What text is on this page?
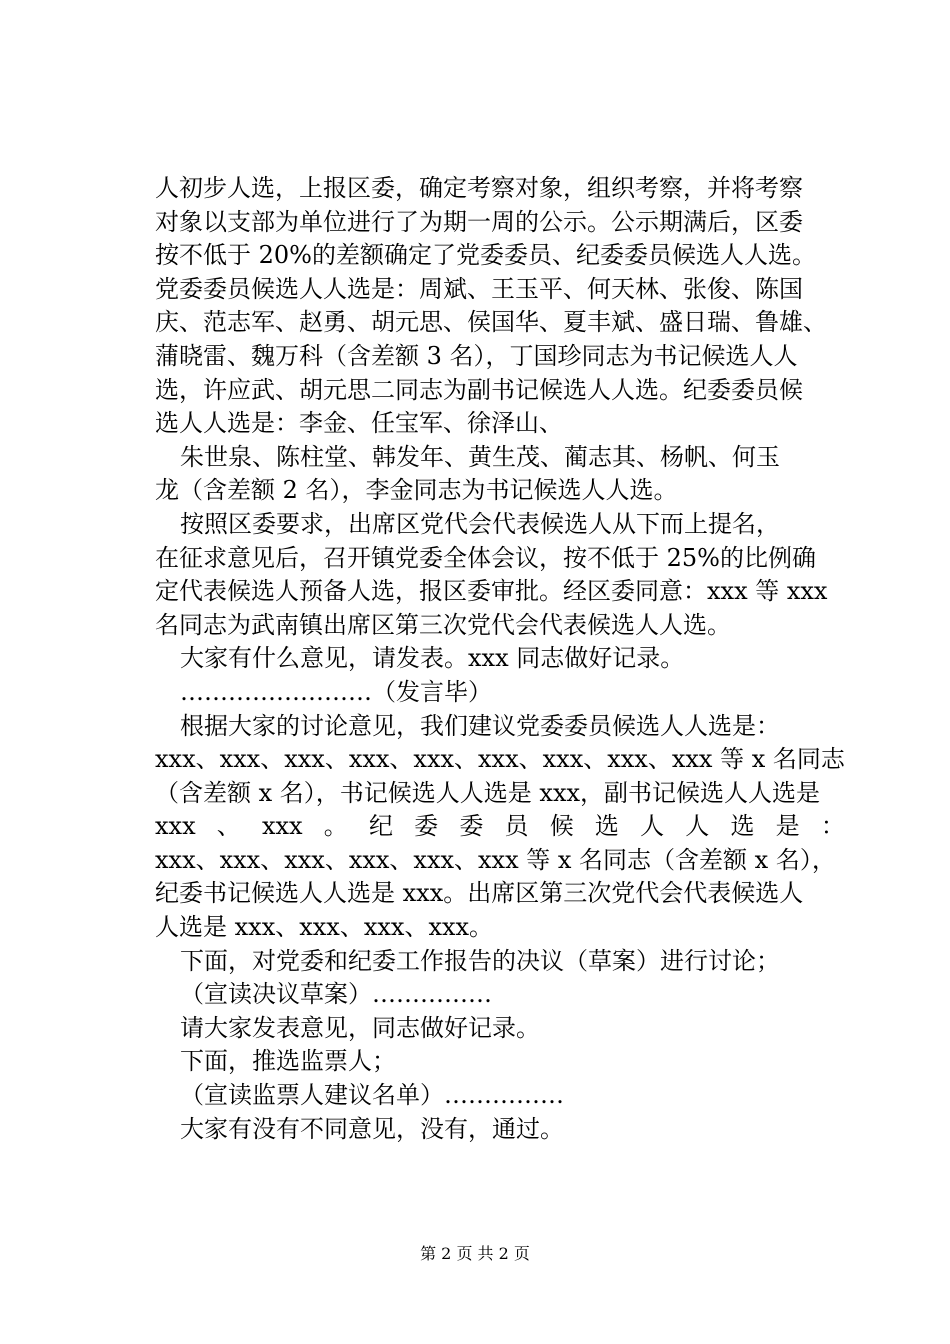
人初步人选，上报区委，确定考察对象，组织考察，并将考察
对象以支部为单位进行了为期一周的公示。公示期满后，区委
按不低于 20%的差额确定了党委委员、纪委委员候选人人选。
党委委员候选人人选是：周斌、王玉平、何天林、张俊、陈国
庆、范志军、赵勇、胡元思、侯国华、夏丰斌、盛日瑞、鲁雄、
蒲晓雷、魏万科（含差额 3 名），丁国珍同志为书记候选人人
选，许应武、胡元思二同志为副书记候选人人选。纪委委员候
选人人选是：李金、任宝军、徐泽山、
朱世泉、陈柱堂、韩发年、黄生茂、蔺志其、杨帆、何玉
龙（含差额 2 名），李金同志为书记候选人人选。
按照区委要求，出席区党代会代表候选人从下而上提名，
在征求意见后，召开镇党委全体会议，按不低于 25%的比例确
定代表候选人预备人选，报区委审批。经区委同意：xxx 等 xxx
名同志为武南镇出席区第三次党代会代表候选人人选。
大家有什么意见，请发表。xxx 同志做好记录。
……………………（发言毕）
根据大家的讨论意见，我们建议党委委员候选人人选是：
xxx、xxx、xxx、xxx、xxx、xxx、xxx、xxx、xxx 等 x 名同志
（含差额 x 名），书记候选人人选是 xxx，副书记候选人人选是
xxx 、 xxx 。 纪 委 委 员 候 选 人 人 选 是 ：
xxx、xxx、xxx、xxx、xxx、xxx 等 x 名同志（含差额 x 名），
纪委书记候选人人选是 xxx。出席区第三次党代会代表候选人
人选是 xxx、xxx、xxx、xxx。
下面，对党委和纪委工作报告的决议（草案）进行讨论；
（宣读决议草案）……………
请大家发表意见，同志做好记录。
下面，推选监票人；
（宣读监票人建议名单）……………
大家有没有不同意见，没有，通过。
第 2 页 共 2 页
